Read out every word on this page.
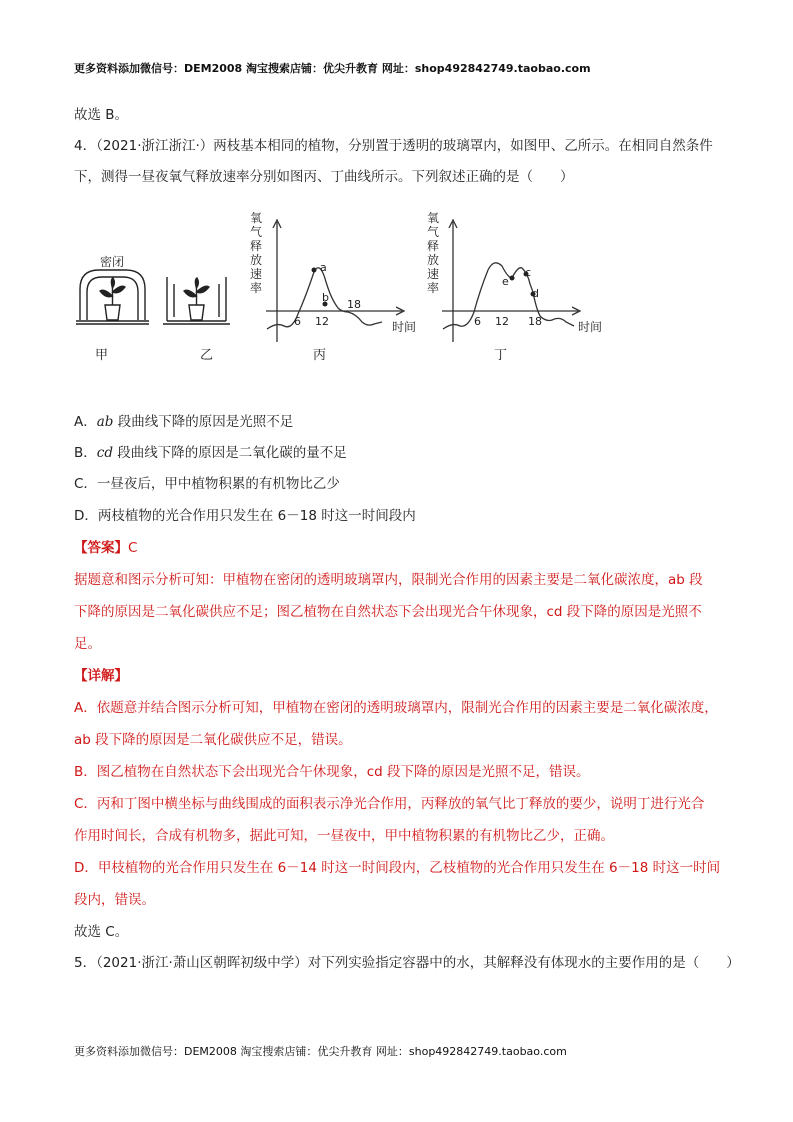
更多资料添加微信号：DEM2008 淘宝搜索店铺：优尖升教育 网址：shop492842749.taobao.com
故选 B。
4．（2021·浙江浙江·）两枝基本相同的植物，分别置于透明的玻璃罩内，如图甲、乙所示。在相同自然条件
下，测得一昼夜氧气释放速率分别如图丙、丁曲线所示。下列叙述正确的是（　　）
密闭	a
b
6 12
18
时间
氧
气
释
放
速
率	e
c
d
6 12 18	时间
氧
气
释
放
速
率
甲	乙	丙	丁
A．ab 段曲线下降的原因是光照不足
B．cd 段曲线下降的原因是二氧化碳的量不足
C．一昼夜后，甲中植物积累的有机物比乙少
D．两枝植物的光合作用只发生在 6－18 时这一时间段内
【答案】C
据题意和图示分析可知：甲植物在密闭的透明玻璃罩内，限制光合作用的因素主要是二氧化碳浓度，ab 段
下降的原因是二氧化碳供应不足；图乙植物在自然状态下会出现光合午休现象，cd 段下降的原因是光照不
足。
【详解】
A．依题意并结合图示分析可知，甲植物在密闭的透明玻璃罩内，限制光合作用的因素主要是二氧化碳浓度，
ab 段下降的原因是二氧化碳供应不足，错误。
B．图乙植物在自然状态下会出现光合午休现象，cd 段下降的原因是光照不足，错误。
C．丙和丁图中横坐标与曲线围成的面积表示净光合作用，丙释放的氧气比丁释放的要少，说明丁进行光合
作用时间长，合成有机物多，据此可知，一昼夜中，甲中植物积累的有机物比乙少，正确。
D．甲枝植物的光合作用只发生在 6－14 时这一时间段内，乙枝植物的光合作用只发生在 6－18 时这一时间
段内，错误。
故选 C。
5．（2021·浙江·萧山区朝晖初级中学）对下列实验指定容器中的水，其解释没有体现水的主要作用的是（　　）
更多资料添加微信号：DEM2008 淘宝搜索店铺：优尖升教育 网址：shop492842749.taobao.com
